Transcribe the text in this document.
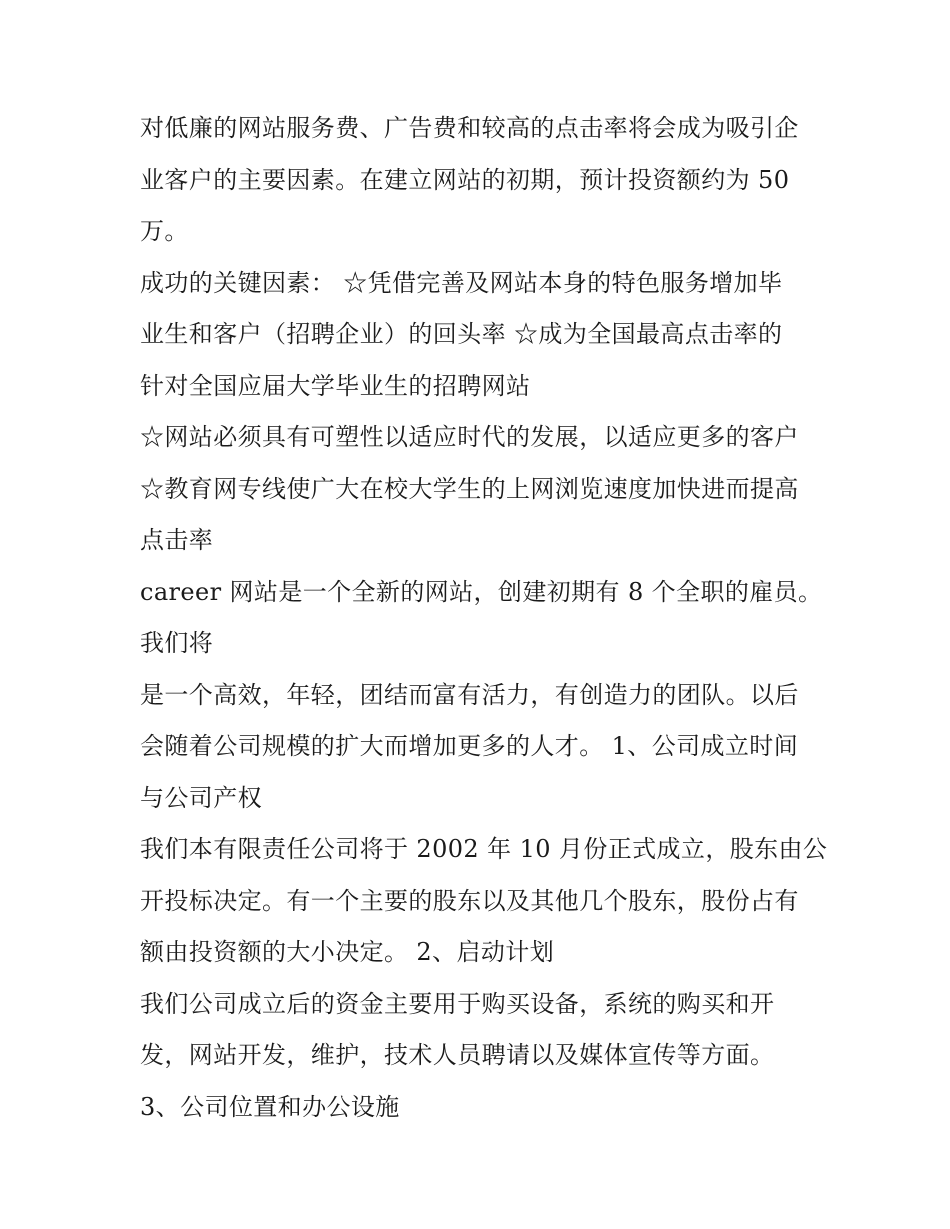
对低廉的网站服务费、广告费和较高的点击率将会成为吸引企
业客户的主要因素。在建立网站的初期，预计投资额约为 50
万。
成功的关键因素： ☆凭借完善及网站本身的特色服务增加毕
业生和客户（招聘企业）的回头率 ☆成为全国最高点击率的
针对全国应届大学毕业生的招聘网站
☆网站必须具有可塑性以适应时代的发展，以适应更多的客户
☆教育网专线使广大在校大学生的上网浏览速度加快进而提高
点击率
career 网站是一个全新的网站，创建初期有 8 个全职的雇员。
我们将
是一个高效，年轻，团结而富有活力，有创造力的团队。以后
会随着公司规模的扩大而增加更多的人才。 1、公司成立时间
与公司产权
我们本有限责任公司将于 2002 年 10 月份正式成立，股东由公
开投标决定。有一个主要的股东以及其他几个股东，股份占有
额由投资额的大小决定。 2、启动计划
我们公司成立后的资金主要用于购买设备，系统的购买和开
发，网站开发，维护，技术人员聘请以及媒体宣传等方面。
3、公司位置和办公设施
